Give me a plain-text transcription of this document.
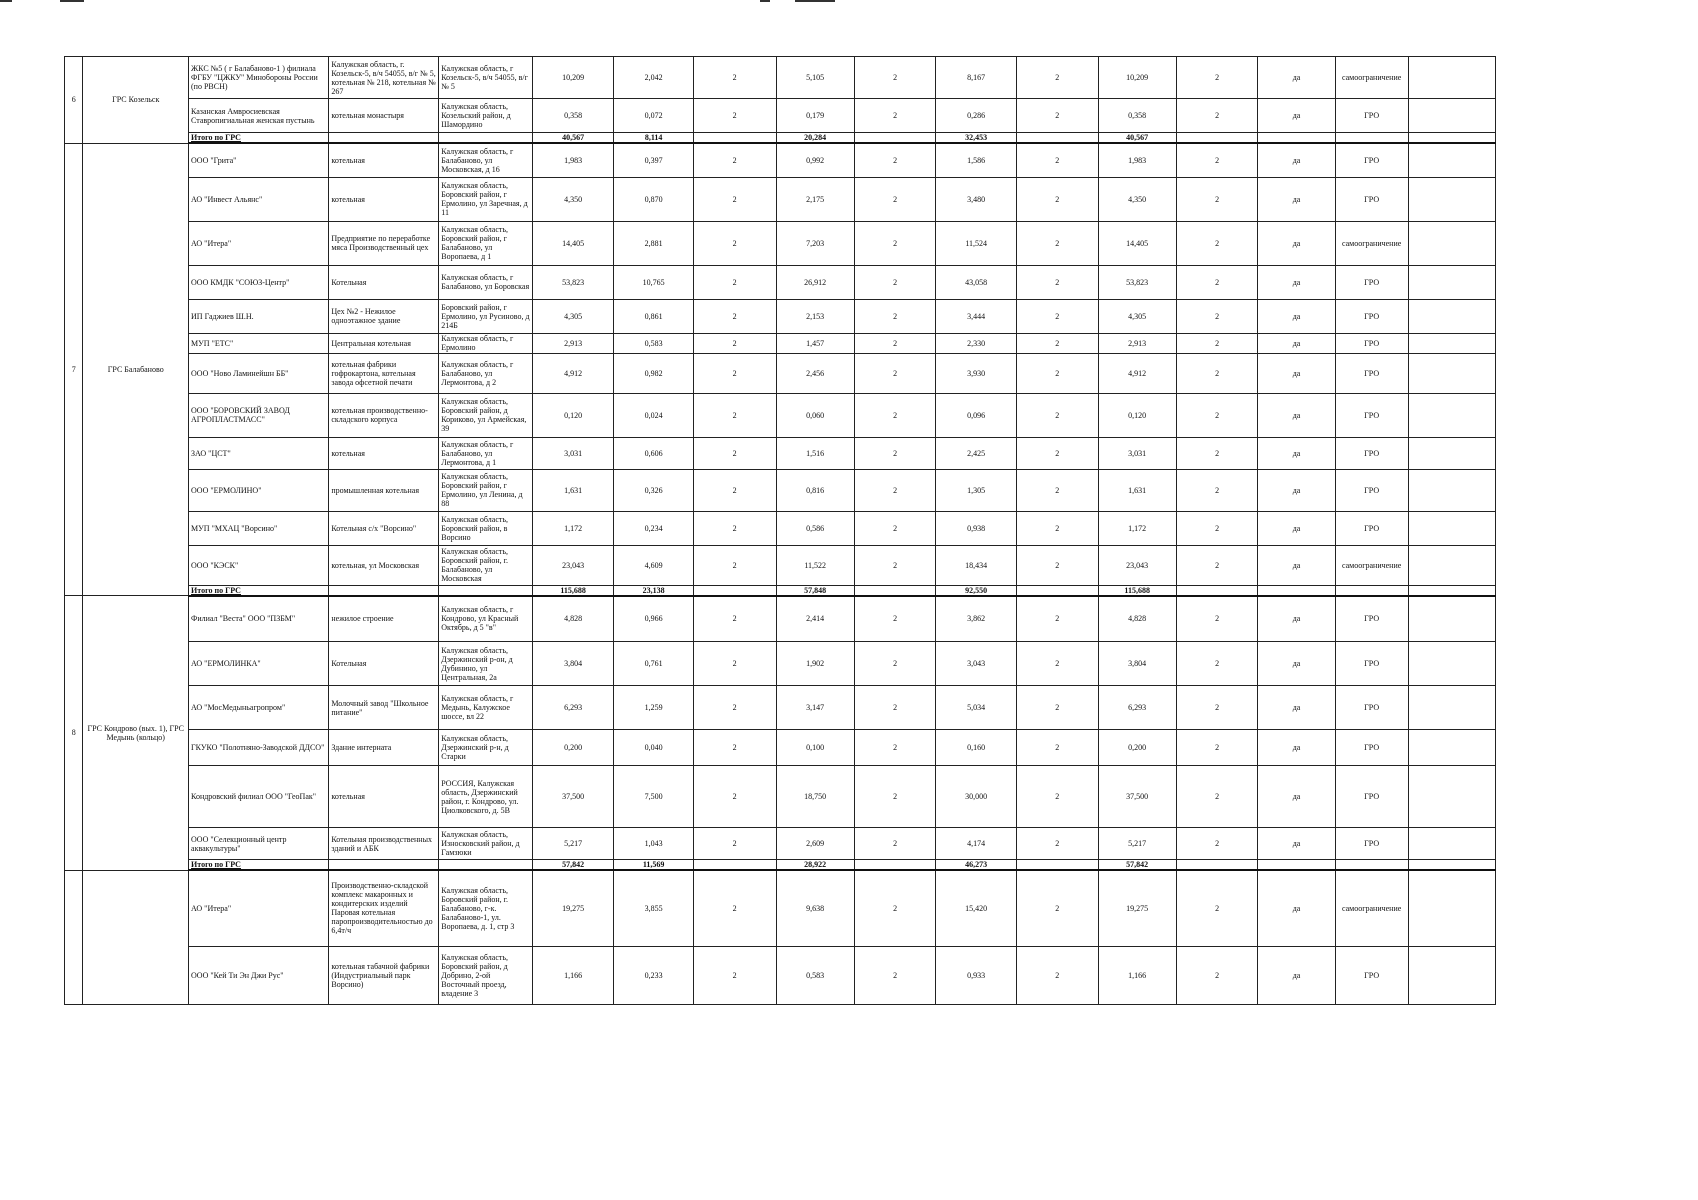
6	ГРС Козельск	ЖКС №5 ( г Балабаново-1 ) филиала ФГБУ "ЦЖКУ" Минобороны России (по РВСН)	Калужская область, г. Козельск-5, в/ч 54055, в/г № 5, котельная № 218, котельная № 267	Калужская область, г Козельск-5, в/ч 54055, в/г № 5	10,209	2,042	2	5,105	2	8,167	2	10,209	2	да	самоограничение	
		Казанская Амвросиевская Ставропигиальная женская пустынь	котельная монастыря	Калужская область, Козельский район, д Шамордино	0,358	0,072	2	0,179	2	0,286	2	0,358	2	да	ГРО	
		Итого по ГРС			40,567	8,114		20,284		32,453		40,567				
7	ГРС Балабаново	ООО "Грита"	котельная	Калужская область, г Балабаново, ул Московская, д 16	1,983	0,397	2	0,992	2	1,586	2	1,983	2	да	ГРО	
		АО "Инвест Альянс"	котельная	Калужская область, Боровский район, г Ермолино, ул Заречная, д 11	4,350	0,870	2	2,175	2	3,480	2	4,350	2	да	ГРО	
		АО "Итера"	Предприятие по переработке мяса Производственный цех	Калужская область, Боровский район, г Балабаново, ул Воропаева, д 1	14,405	2,881	2	7,203	2	11,524	2	14,405	2	да	самоограничение	
		ООО КМДК "СОЮЗ-Центр"	Котельная	Калужская область, г Балабаново, ул Боровская	53,823	10,765	2	26,912	2	43,058	2	53,823	2	да	ГРО	
		ИП Гаджиев Ш.Н.	Цех №2 - Нежилое одноэтажное здание	Боровский район, г Ермолино, ул Русиново, д 214Б	4,305	0,861	2	2,153	2	3,444	2	4,305	2	да	ГРО	
		МУП "ЕТС"	Центральная котельная	Калужская область, г Ермолино	2,913	0,583	2	1,457	2	2,330	2	2,913	2	да	ГРО	
		ООО "Ново Ламинейшн ББ"	котельная фабрики гофрокартона, котельная завода офсетной печати	Калужская область, г Балабаново, ул Лермонтова, д 2	4,912	0,982	2	2,456	2	3,930	2	4,912	2	да	ГРО	
		ООО "БОРОВСКИЙ ЗАВОД АГРОПЛАСТМАСС"	котельная производственно-складского корпуса	Калужская область, Боровский район, д Кориково, ул Армейская, 39	0,120	0,024	2	0,060	2	0,096	2	0,120	2	да	ГРО	
		ЗАО "ЦСТ"	котельная	Калужская область, г Балабаново, ул Лермонтова, д 1	3,031	0,606	2	1,516	2	2,425	2	3,031	2	да	ГРО	
		ООО "ЕРМОЛИНО"	промышленная котельная	Калужская область, Боровский район, г Ермолино, ул Ленина, д 88	1,631	0,326	2	0,816	2	1,305	2	1,631	2	да	ГРО	
		МУП "МХАЦ "Ворсино"	Котельная с/х "Ворсино"	Калужская область, Боровский район, в Ворсино	1,172	0,234	2	0,586	2	0,938	2	1,172	2	да	ГРО	
		ООО "КЭСК"	котельная, ул Московская	Калужская область, Боровский район, г. Балабаново, ул Московская	23,043	4,609	2	11,522	2	18,434	2	23,043	2	да	самоограничение	
		Итого по ГРС			115,688	23,138		57,848		92,550		115,688				
8	ГРС Кондрово (вых. 1), ГРС Медынь (кольцо)	Филиал "Веста" ООО "ПЗБМ"	нежилое строение	Калужская область, г Кондрово, ул Красный Октябрь, д 5 "в"	4,828	0,966	2	2,414	2	3,862	2	4,828	2	да	ГРО	
		АО "ЕРМОЛИНКА"	Котельная	Калужская область, Дзержинский р-он, д Дубинино, ул Центральная, 2а	3,804	0,761	2	1,902	2	3,043	2	3,804	2	да	ГРО	
		АО "МосМедыньагропром"	Молочный завод "Школьное питание"	Калужская область, г Медынь, Калужское шоссе, вл 22	6,293	1,259	2	3,147	2	5,034	2	6,293	2	да	ГРО	
		ГКУКО "Полотняно-Заводской ДДСО"	Здание интерната	Калужская область, Дзержинский р-н, д Старки	0,200	0,040	2	0,100	2	0,160	2	0,200	2	да	ГРО	
		Кондровский филиал ООО "ГеоПак"	котельная	РОССИЯ, Калужская область, Дзержинский район, г. Кондрово, ул. Циолковского, д. 5В	37,500	7,500	2	18,750	2	30,000	2	37,500	2	да	ГРО	
		ООО "Селекционный центр аквакультуры"	Котельная производственных зданий и АБК	Калужская область, Износковский район, д Гамзюки	5,217	1,043	2	2,609	2	4,174	2	5,217	2	да	ГРО	
		Итого по ГРС			57,842	11,569		28,922		46,273		57,842				
		АО "Итера"	Производственно-складской комплекс макаронных и кондитерских изделий Паровая котельная паропроизводительностью до 6,4т/ч	Калужская область, Боровский район, г. Балабаново, г-к. Балабаново-1, ул. Воропаева, д. 1, стр 3	19,275	3,855	2	9,638	2	15,420	2	19,275	2	да	самоограничение	
		ООО "Кей Ти Эн Джи Рус"	котельная табачной фабрики (Индустриальный парк Ворсино)	Калужская область, Боровский район, д Добрино, 2-ой Восточный проезд, владение 3	1,166	0,233	2	0,583	2	0,933	2	1,166	2	да	ГРО	
